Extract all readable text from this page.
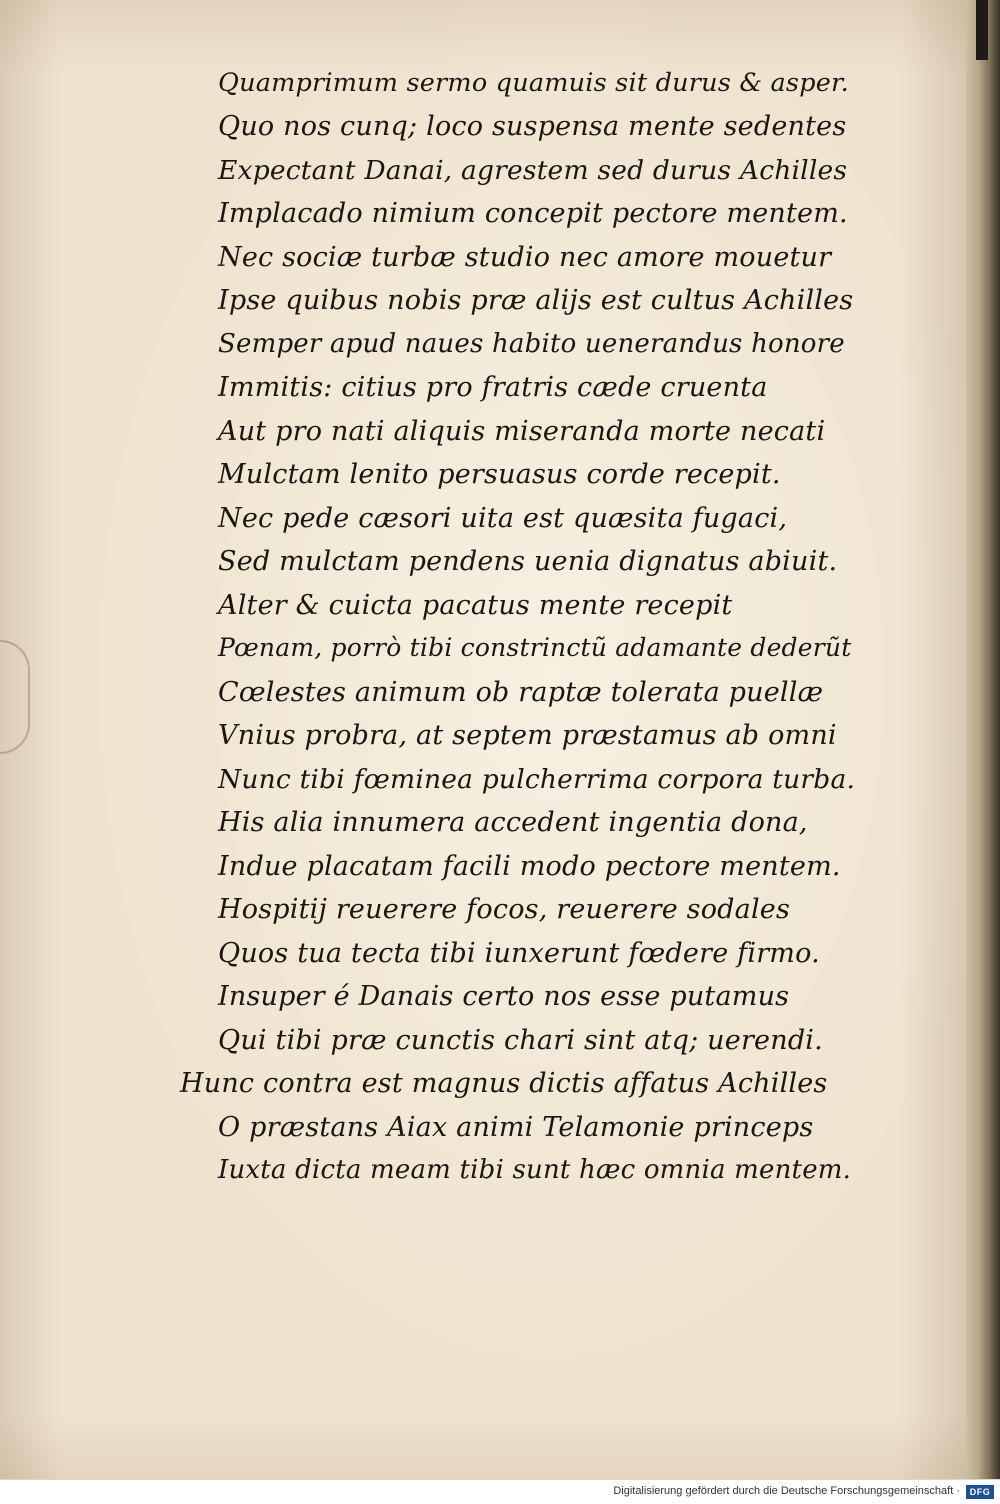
Quamprimum sermo quamuis sit durus & asper.
Quo nos cunq; loco suspensa mente sedentes
Expectant Danai, agrestem sed durus Achilles
Implacado nimium concepit pectore mentem.
Nec sociæ turbæ studio nec amore mouetur
Ipse quibus nobis præ alijs est cultus Achilles
Semper apud naues habito uenerandus honore
Immitis: citius pro fratris cæde cruenta
Aut pro nati aliquis miseranda morte necati
Mulctam lenito persuasus corde recepit.
Nec pede cæsori uita est quæsita fugaci,
Sed mulctam pendens uenia dignatus abiuit.
Alter & cuicta pacatus mente recepit
Pœnam, porrò tibi constrinctũ adamante dederũt
Cœlestes animum ob raptæ tolerata puellæ
Vnius probra, at septem præstamus ab omni
Nunc tibi fœminea pulcherrima corpora turba.
His alia innumera accedent ingentia dona,
Indue placatam facili modo pectore mentem.
Hospitij reuerere focos, reuerere sodales
Quos tua tecta tibi iunxerunt fœdere firmo.
Insuper é Danais certo nos esse putamus
Qui tibi præ cunctis chari sint atq; uerendi.
Hunc contra est magnus dictis affatus Achilles
O præstans Aiax animi Telamonie princeps
Iuxta dicta meam tibi sunt hæc omnia mentem.
Digitalisierung gefördert durch die Deutsche Forschungsgemeinschaft ·	DFG
